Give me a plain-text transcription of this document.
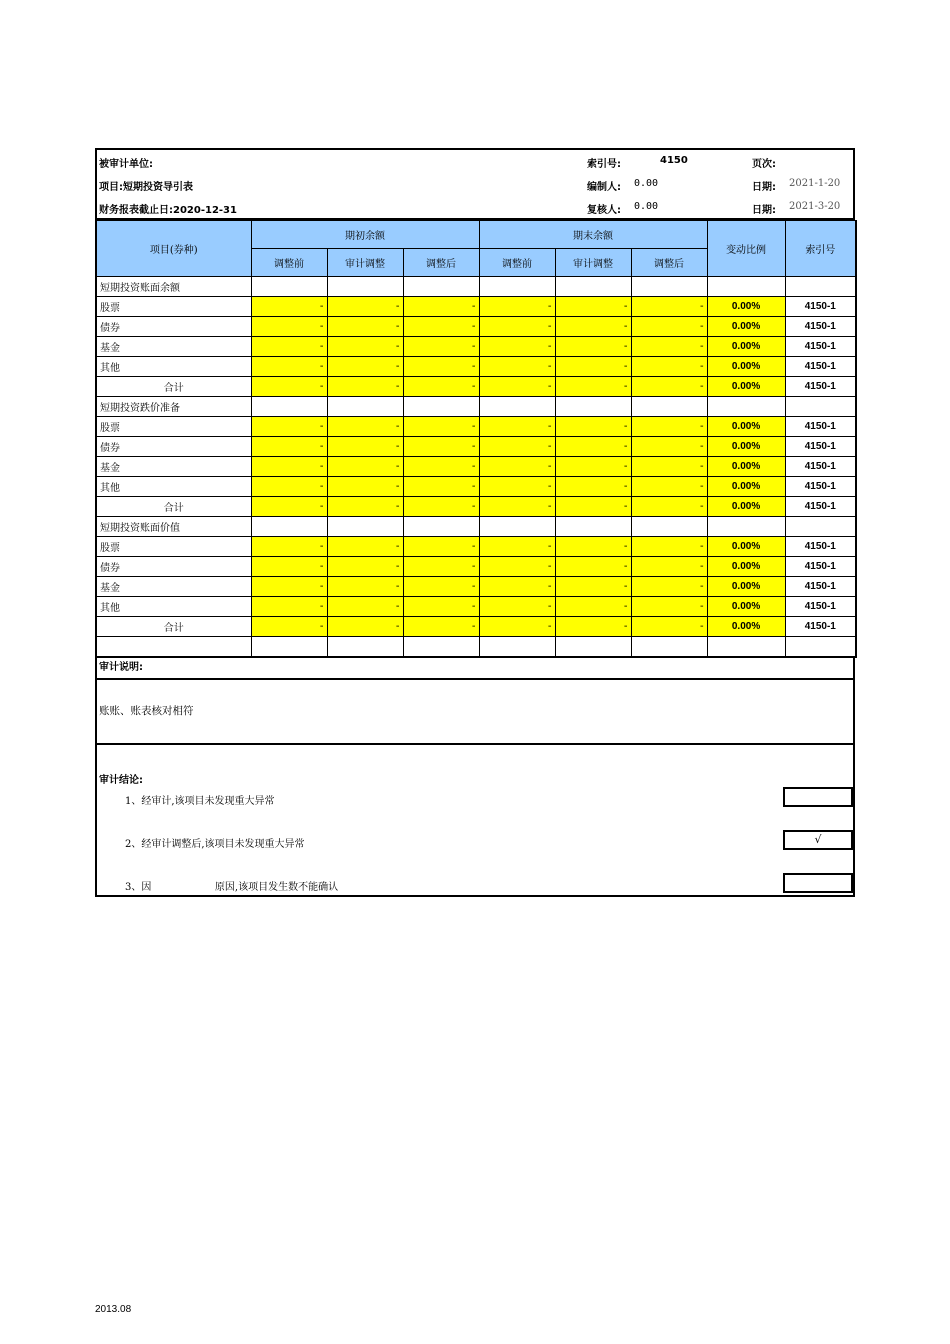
被审计单位:	索引号:	4150	页次:
项目:短期投资导引表	编制人: 0.00	日期: 2021-1-20
财务报表截止日:2020-12-31	复核人: 0.00	日期: 2021-3-20
项目(券种)	期初余额			期末余额			变动比例	索引号
	调整前	审计调整	调整后	调整前	审计调整	调整后		
短期投资账面余额								
股票	-	-	-	-	-	-	0.00%	4150-1
债券	-	-	-	-	-	-	0.00%	4150-1
基金	-	-	-	-	-	-	0.00%	4150-1
其他	-	-	-	-	-	-	0.00%	4150-1
合计	-	-	-	-	-	-	0.00%	4150-1
短期投资跌价准备								
股票	-	-	-	-	-	-	0.00%	4150-1
债券	-	-	-	-	-	-	0.00%	4150-1
基金	-	-	-	-	-	-	0.00%	4150-1
其他	-	-	-	-	-	-	0.00%	4150-1
合计	-	-	-	-	-	-	0.00%	4150-1
短期投资账面价值								
股票	-	-	-	-	-	-	0.00%	4150-1
债券	-	-	-	-	-	-	0.00%	4150-1
基金	-	-	-	-	-	-	0.00%	4150-1
其他	-	-	-	-	-	-	0.00%	4150-1
合计	-	-	-	-	-	-	0.00%	4150-1

审计说明:
账账、账表核对相符
审计结论:
1、经审计,该项目未发现重大异常
2、经审计调整后,该项目未发现重大异常	√
3、因                    原因,该项目发生数不能确认
2013.08
